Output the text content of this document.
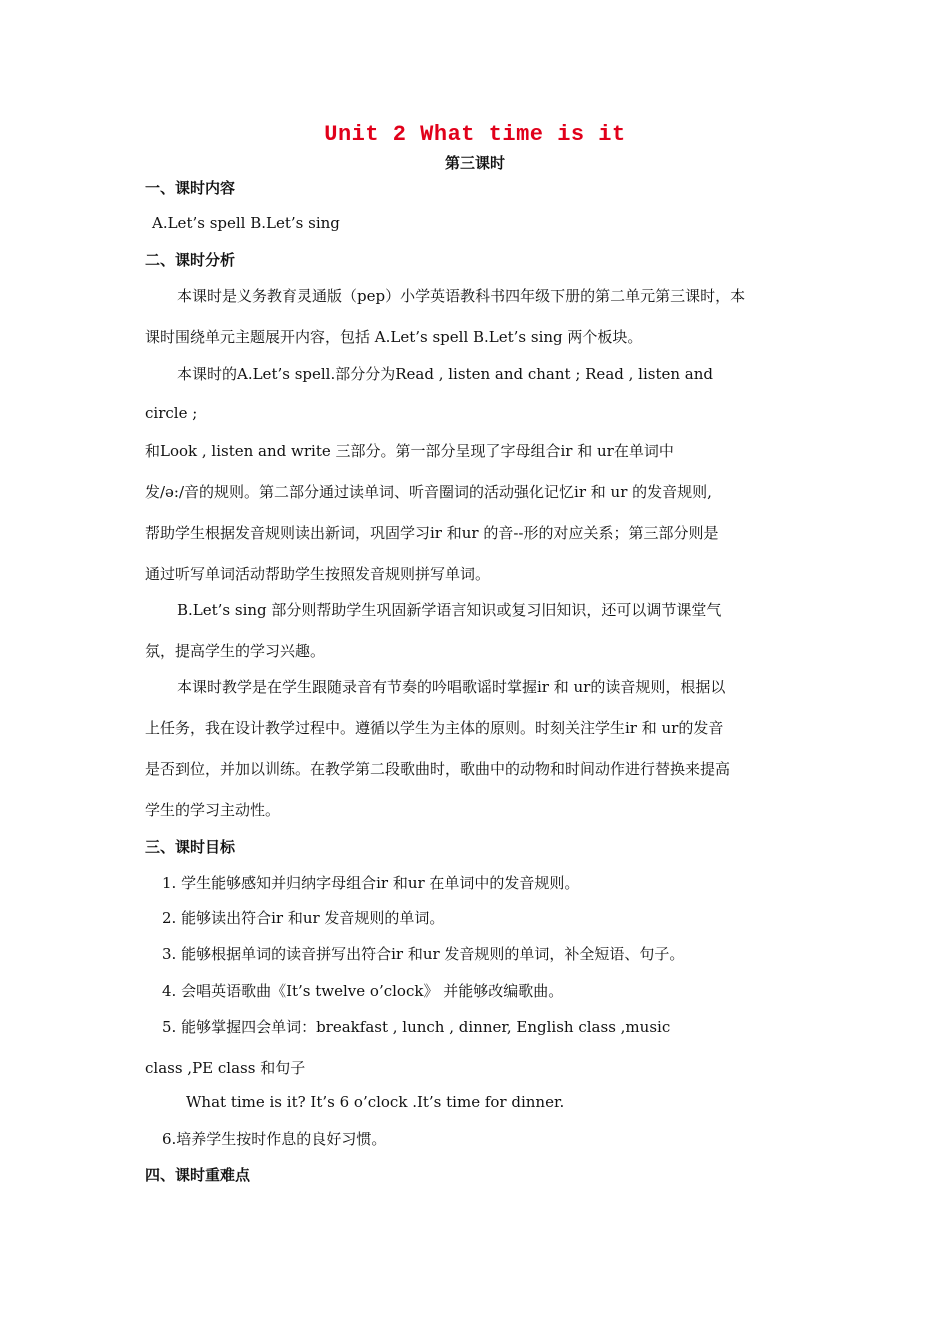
Unit 2 What time is it
第三课时
一、课时内容
A.Let’s spell B.Let’s sing
二、课时分析
本课时是义务教育灵通版（pep）小学英语教科书四年级下册的第二单元第三课时，本
课时围绕单元主题展开内容，包括 A.Let’s spell B.Let’s sing 两个板块。
本课时的A.Let’s spell.部分分为Read , listen and chant ; Read , listen and
circle ;
和Look , listen and write 三部分。第一部分呈现了字母组合ir 和 ur在单词中
发/ə:/音的规则。第二部分通过读单词、听音圈词的活动强化记忆ir 和 ur 的发音规则,
帮助学生根据发音规则读出新词，巩固学习ir 和ur 的音--形的对应关系；第三部分则是
通过听写单词活动帮助学生按照发音规则拼写单词。
B.Let’s sing 部分则帮助学生巩固新学语言知识或复习旧知识，还可以调节课堂气
氛，提高学生的学习兴趣。
本课时教学是在学生跟随录音有节奏的吟唱歌谣时掌握ir 和 ur的读音规则，根据以
上任务，我在设计教学过程中。遵循以学生为主体的原则。时刻关注学生ir 和 ur的发音
是否到位，并加以训练。在教学第二段歌曲时，歌曲中的动物和时间动作进行替换来提高
学生的学习主动性。
三、课时目标
1. 学生能够感知并归纳字母组合ir 和ur 在单词中的发音规则。
2. 能够读出符合ir 和ur 发音规则的单词。
3. 能够根据单词的读音拼写出符合ir 和ur 发音规则的单词，补全短语、句子。
4. 会唱英语歌曲《It’s twelve o’clock》 并能够改编歌曲。
5. 能够掌握四会单词：breakfast , lunch , dinner, English class ,music
class ,PE class 和句子
What time is it? It’s 6 o’clock .It’s time for dinner.
6.培养学生按时作息的良好习惯。
四、课时重难点
